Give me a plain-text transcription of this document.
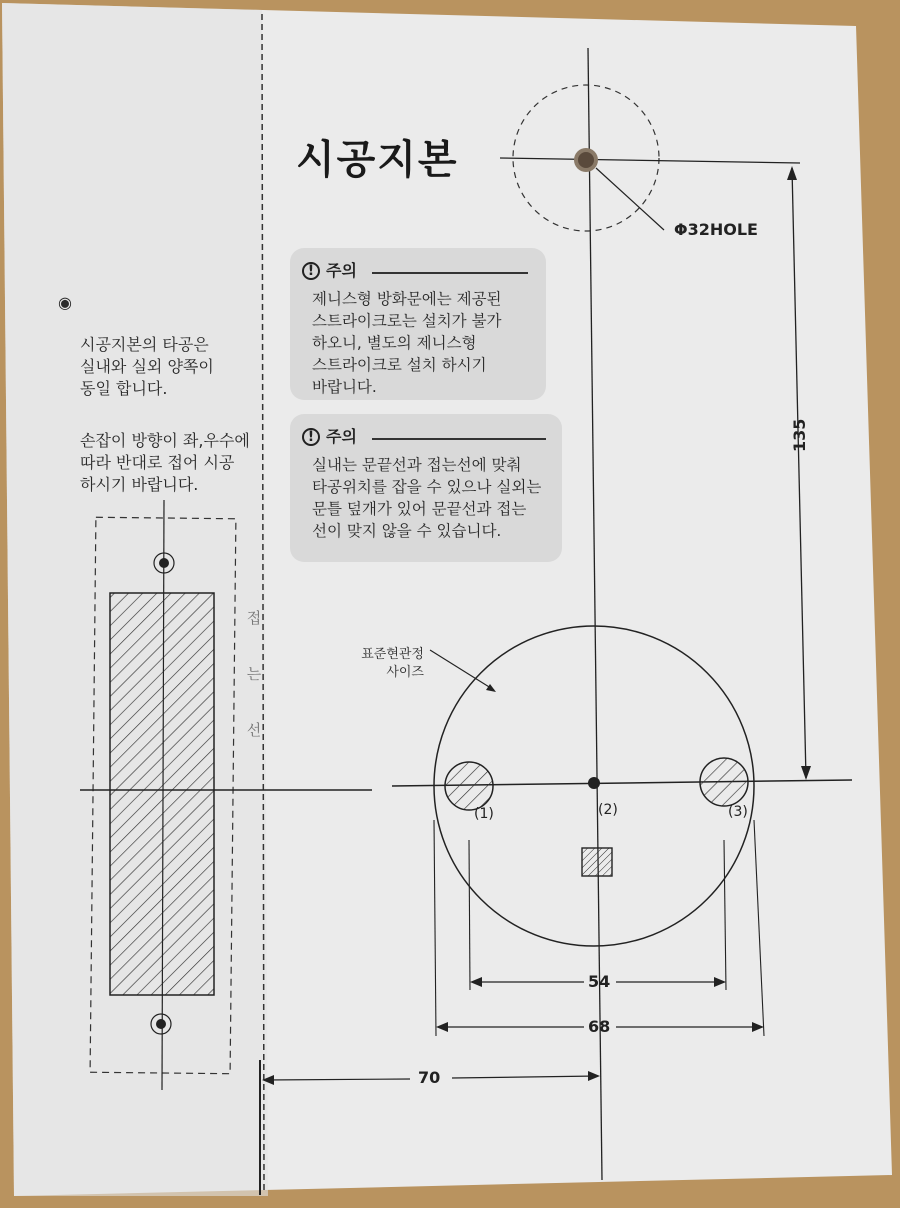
시공지본

◉

시공지본의 타공은
실내와 실외 양쪽이
동일 합니다.

손잡이 방향이 좌,우수에
따라 반대로 접어 시공
하시기 바랍니다.

! 주의
제니스형 방화문에는 제공된
스트라이크로는 설치가 불가
하오니, 별도의 제니스형
스트라이크로 설치 하시기
바랍니다.
! 주의
실내는 문끝선과 접는선에 맞춰
타공위치를 잡을 수 있으나 실외는
문틀 덮개가 있어 문끝선과 접는
선이 맞지 않을 수 있습니다.
Φ32HOLE
표준현관정
사이즈
접
는
선
(1)	(2)	(3)
135
54
68
70
